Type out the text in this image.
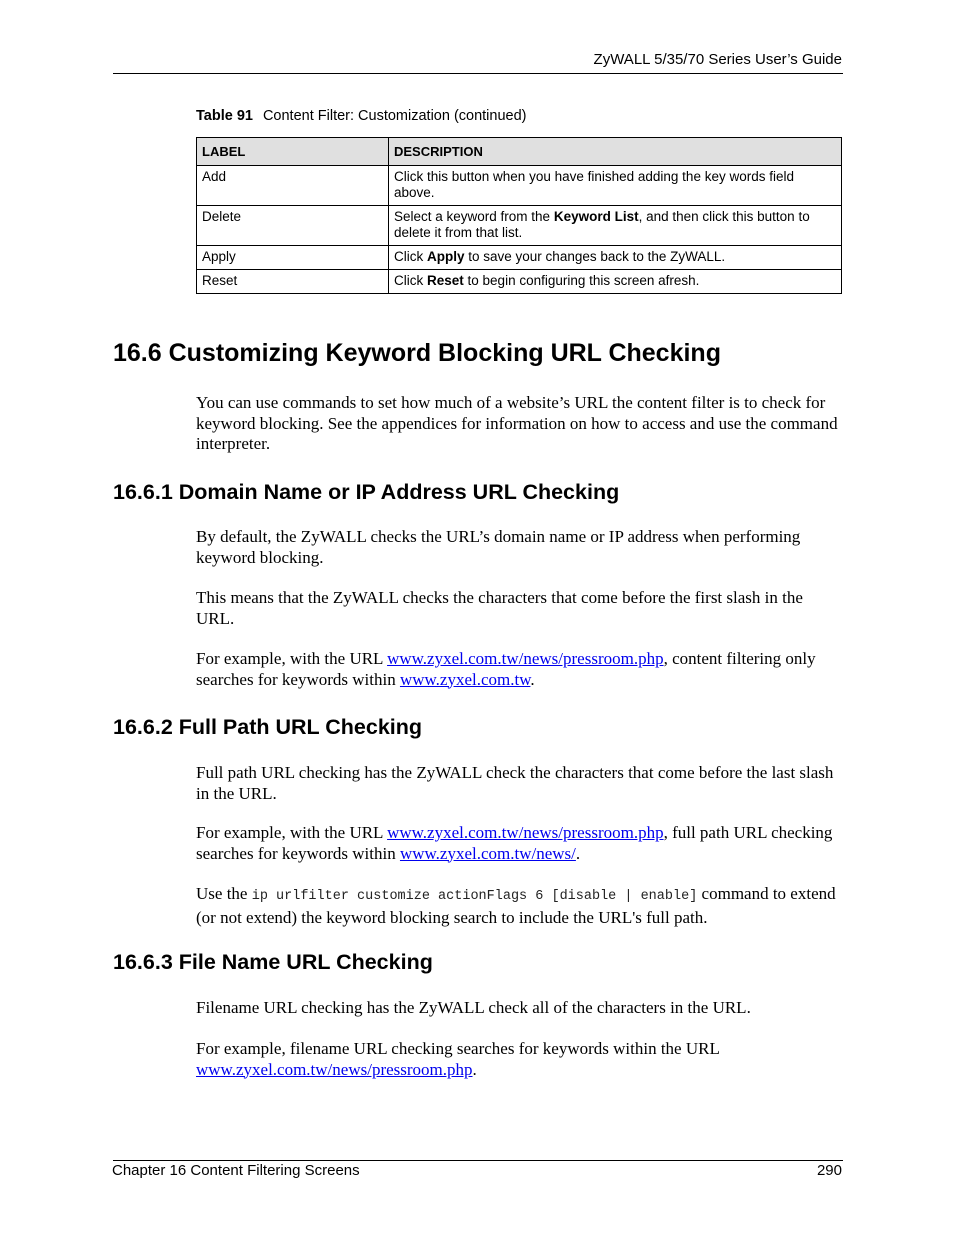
ZyWALL 5/35/70 Series User’s Guide
Table 91 Content Filter: Customization (continued)
LABEL	DESCRIPTION
Add	Click this button when you have finished adding the key words field above.
Delete	Select a keyword from the Keyword List, and then click this button to delete it from that list.
Apply	Click Apply to save your changes back to the ZyWALL.
Reset	Click Reset to begin configuring this screen afresh.
16.6 Customizing Keyword Blocking URL Checking

You can use commands to set how much of a website’s URL the content filter is to check for keyword blocking. See the appendices for information on how to access and use the command interpreter.

16.6.1 Domain Name or IP Address URL Checking

By default, the ZyWALL checks the URL’s domain name or IP address when performing keyword blocking.

This means that the ZyWALL checks the characters that come before the first slash in the URL.

For example, with the URL www.zyxel.com.tw/news/pressroom.php, content filtering only searches for keywords within www.zyxel.com.tw.

16.6.2 Full Path URL Checking

Full path URL checking has the ZyWALL check the characters that come before the last slash in the URL.

For example, with the URL www.zyxel.com.tw/news/pressroom.php, full path URL checking searches for keywords within www.zyxel.com.tw/news/.

Use the ip urlfilter customize actionFlags 6 [disable | enable] command to extend (or not extend) the keyword blocking search to include the URL's full path.

16.6.3 File Name URL Checking

Filename URL checking has the ZyWALL check all of the characters in the URL.

For example, filename URL checking searches for keywords within the URL www.zyxel.com.tw/news/pressroom.php.

Chapter 16 Content Filtering Screens	290
